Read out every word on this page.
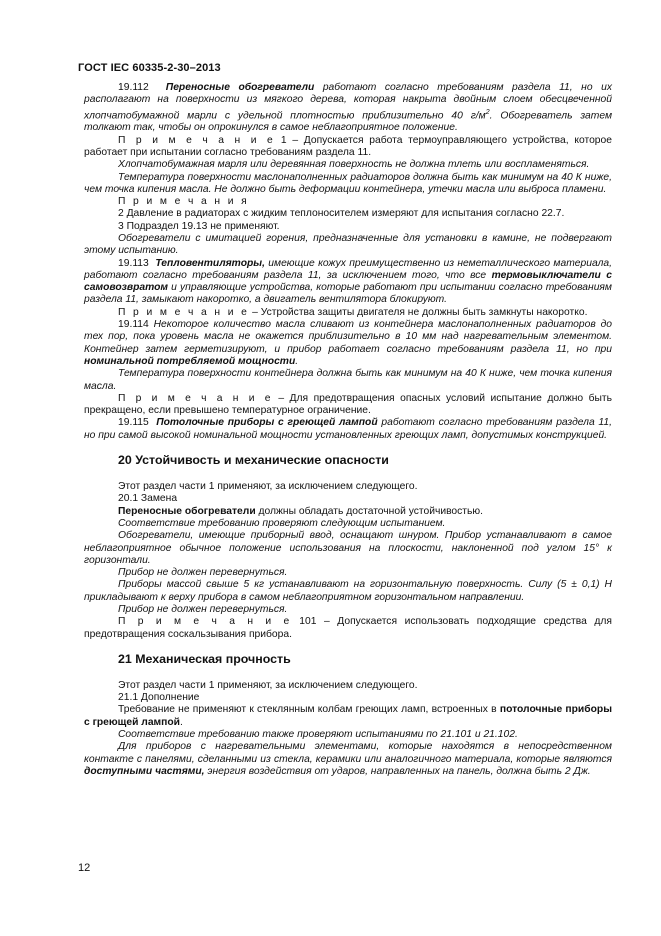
ГОСТ IEC 60335-2-30–2013

19.112 Переносные обогреватели работают согласно требованиям раздела 11, но их располагают на поверхности из мягкого дерева, которая накрыта двойным слоем обесцвеченной хлопчатобумажной марли с удельной плотностью приблизительно 40 $г/м^2$. Обогреватель затем толкают так, чтобы он опрокинулся в самое неблагоприятное положение.

П р и м е ч а н и е 1 – Допускается работа термоуправляющего устройства, которое работает при испытании согласно требованиям раздела 11.

Хлопчатобумажная марля или деревянная поверхность не должна тлеть или воспламеняться.

Температура поверхности маслонаполненных радиаторов должна быть как минимум на 40 К ниже, чем точка кипения масла. Не должно быть деформации контейнера, утечки масла или выброса пламени.

П р и м е ч а н и я

2 Давление в радиаторах с жидким теплоносителем измеряют для испытания согласно 22.7.

3 Подраздел 19.13 не применяют.

Обогреватели с имитацией горения, предназначенные для установки в камине, не подвергают этому испытанию.

19.113 Тепловентиляторы, имеющие кожух преимущественно из неметаллического материала, работают согласно требованиям раздела 11, за исключением того, что все термовыключатели с самовозвратом и управляющие устройства, которые работают при испытании согласно требованиям раздела 11, замыкают накоротко, а двигатель вентилятора блокируют.

П р и м е ч а н и е – Устройства защиты двигателя не должны быть замкнуты накоротко.

19.114 Некоторое количество масла сливают из контейнера маслонаполненных радиаторов до тех пор, пока уровень масла не окажется приблизительно в 10 мм над нагревательным элементом. Контейнер затем герметизируют, и прибор работает согласно требованиям раздела 11, но при номинальной потребляемой мощности.

Температура поверхности контейнера должна быть как минимум на 40 К ниже, чем точка кипения масла.

П р и м е ч а н и е – Для предотвращения опасных условий испытание должно быть прекращено, если превышено температурное ограничение.

19.115 Потолочные приборы с греющей лампой работают согласно требованиям раздела 11, но при самой высокой номинальной мощности установленных греющих ламп, допустимых конструкцией.

20 Устойчивость и механические опасности

Этот раздел части 1 применяют, за исключением следующего.

20.1 Замена

Переносные обогреватели должны обладать достаточной устойчивостью.

Соответствие требованию проверяют следующим испытанием.

Обогреватели, имеющие приборный ввод, оснащают шнуром. Прибор устанавливают в самое неблагоприятное обычное положение использования на плоскости, наклоненной под углом 15° к горизонтали.

Прибор не должен перевернуться.

Приборы массой свыше 5 кг устанавливают на горизонтальную поверхность. Силу (5 ± 0,1) Н прикладывают к верху прибора в самом неблагоприятном горизонтальном направлении.

Прибор не должен перевернуться.

П р и м е ч а н и е 101 – Допускается использовать подходящие средства для предотвращения соскальзывания прибора.

21 Механическая прочность

Этот раздел части 1 применяют, за исключением следующего.

21.1 Дополнение

Требование не применяют к стеклянным колбам греющих ламп, встроенных в потолочные приборы с греющей лампой.

Соответствие требованию также проверяют испытаниями по 21.101 и 21.102.

Для приборов с нагревательными элементами, которые находятся в непосредственном контакте с панелями, сделанными из стекла, керамики или аналогичного материала, которые являются доступными частями, энергия воздействия от ударов, направленных на панель, должна быть 2 Дж.

12
